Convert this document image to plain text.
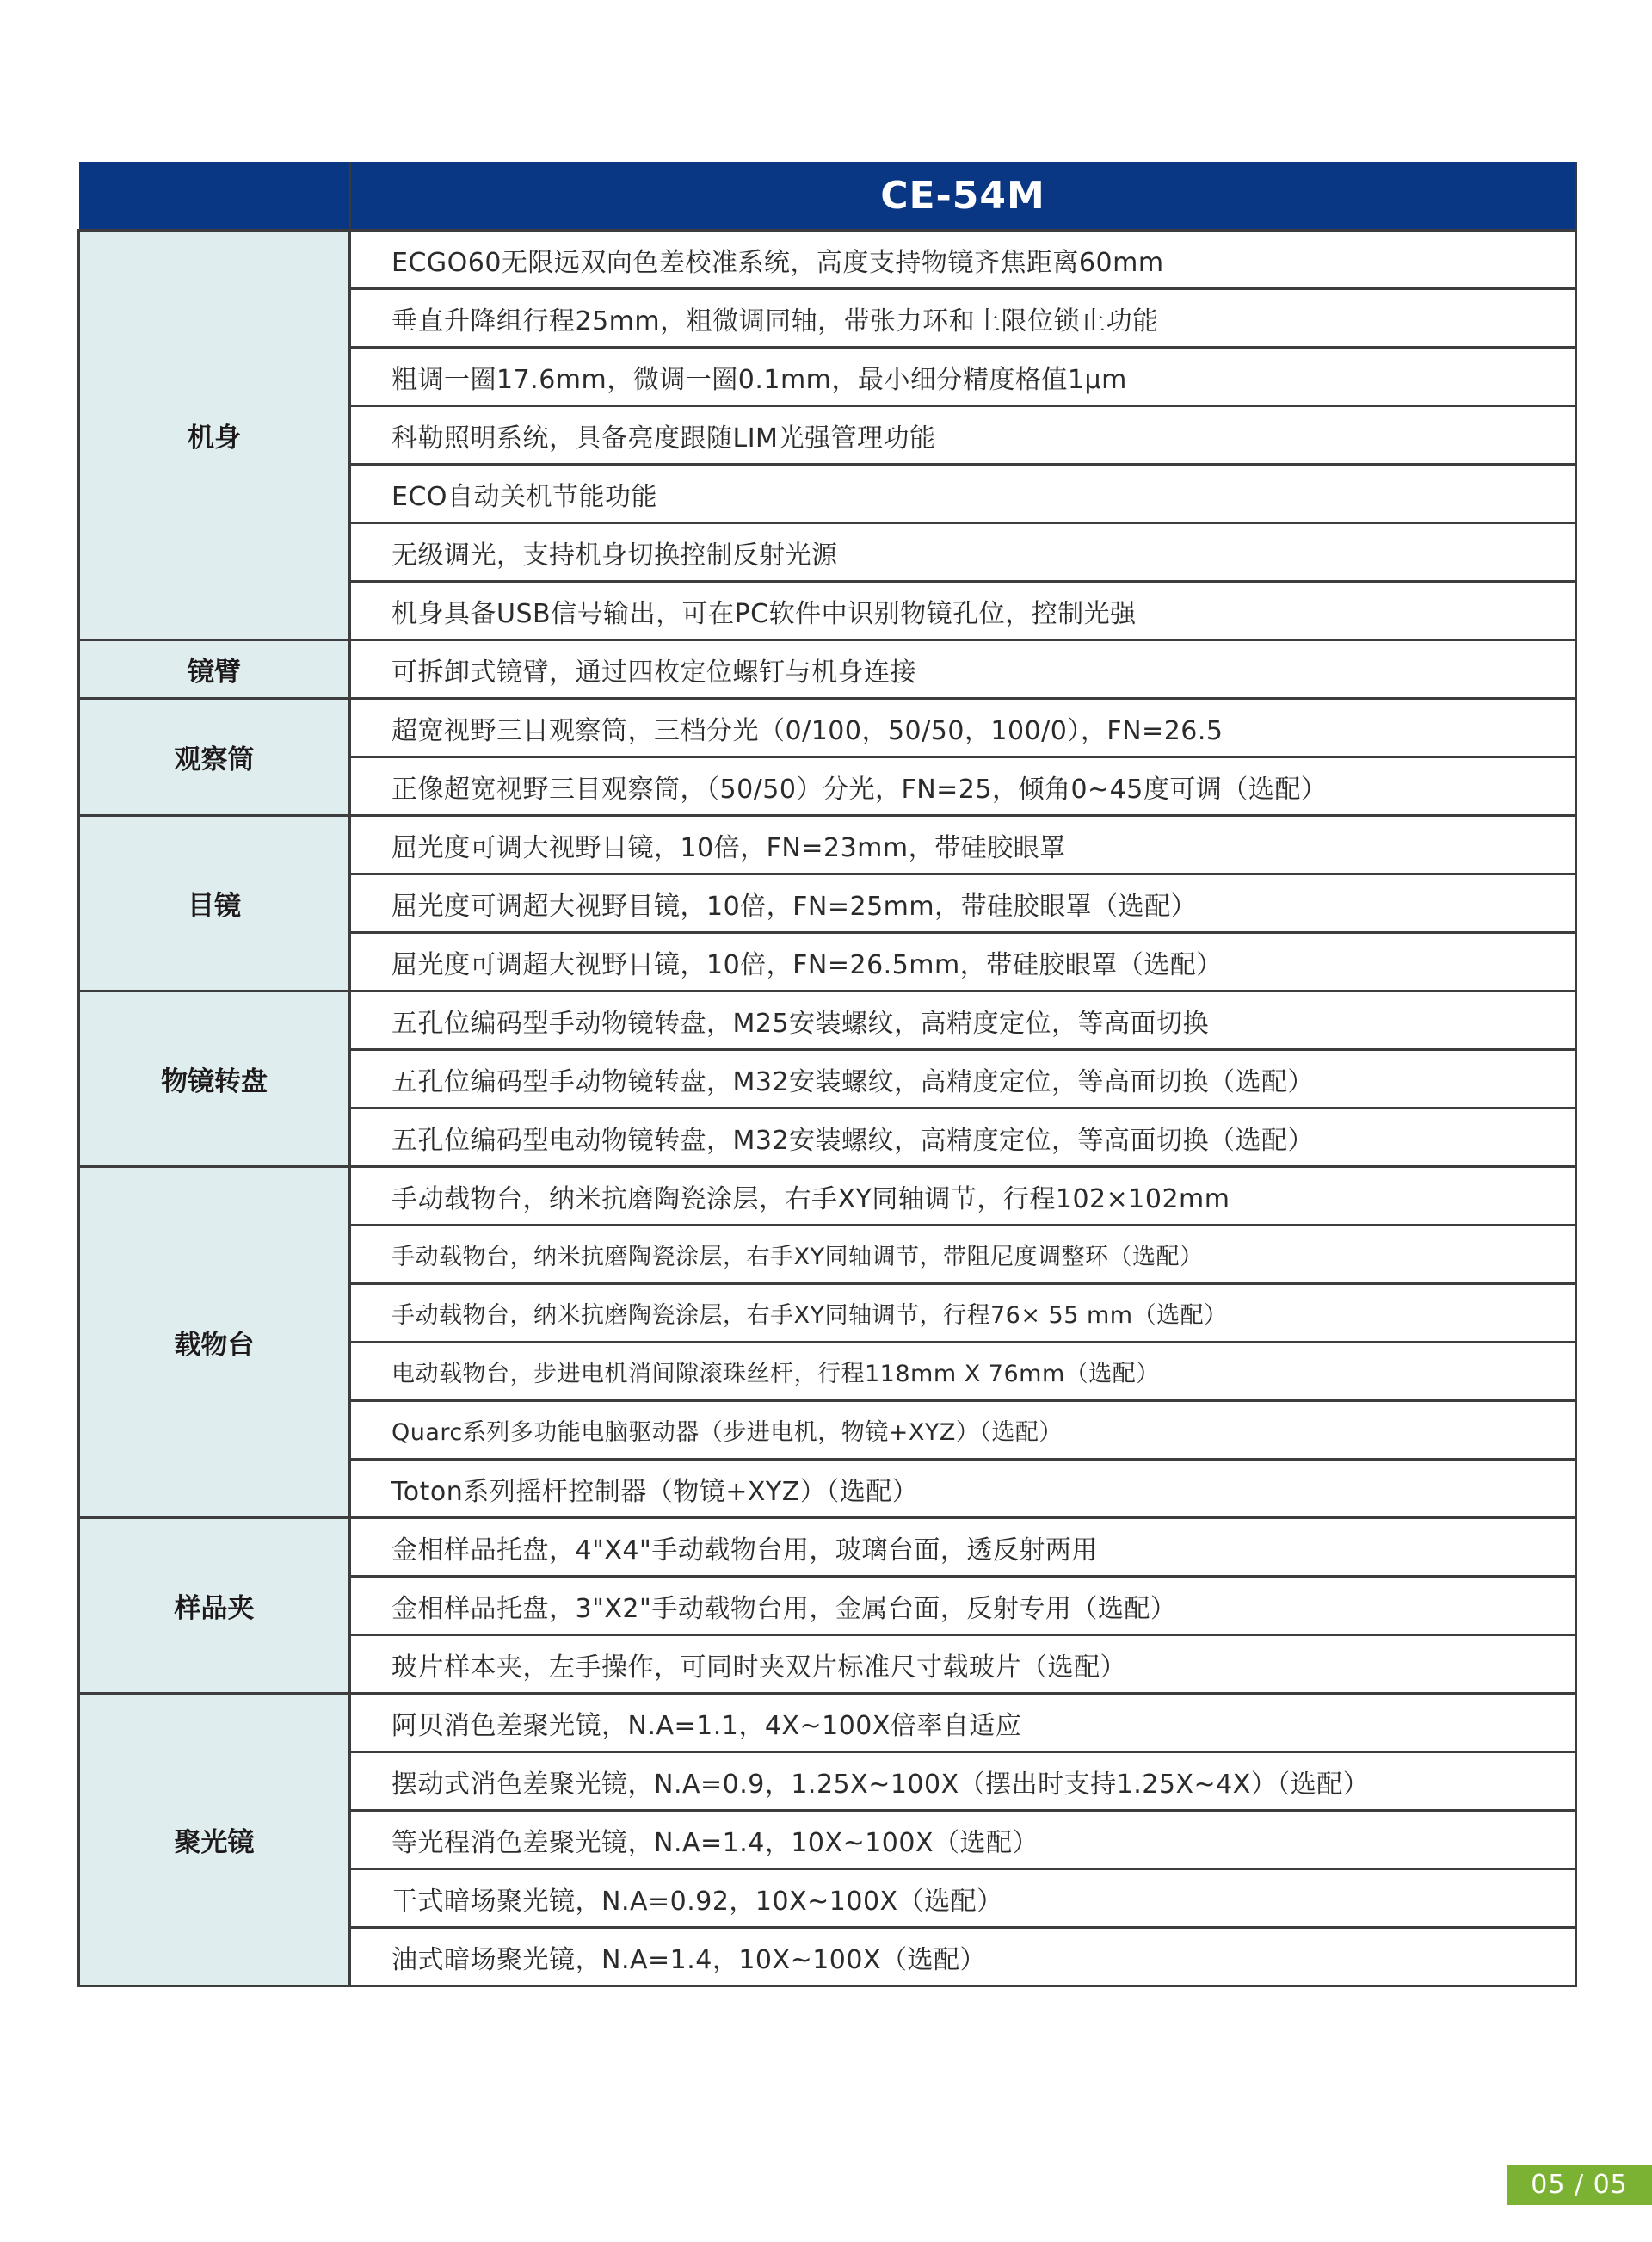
	CE-54M
机身	ECGO60无限远双向色差校准系统，高度支持物镜齐焦距离60mm
	垂直升降组行程25mm，粗微调同轴，带张力环和上限位锁止功能
	粗调一圈17.6mm，微调一圈0.1mm，最小细分精度格值1μm
	科勒照明系统，具备亮度跟随LIM光强管理功能
	ECO自动关机节能功能
	无级调光，支持机身切换控制反射光源
	机身具备USB信号输出，可在PC软件中识别物镜孔位，控制光强
镜臂	可拆卸式镜臂，通过四枚定位螺钉与机身连接
观察筒	超宽视野三目观察筒，三档分光（0/100，50/50，100/0），FN=26.5
	正像超宽视野三目观察筒，（50/50）分光，FN=25，倾角0~45度可调（选配）
目镜	屈光度可调大视野目镜，10倍，FN=23mm，带硅胶眼罩
	屈光度可调超大视野目镜，10倍，FN=25mm，带硅胶眼罩（选配）
	屈光度可调超大视野目镜，10倍，FN=26.5mm，带硅胶眼罩（选配）
物镜转盘	五孔位编码型手动物镜转盘，M25安装螺纹，高精度定位，等高面切换
	五孔位编码型手动物镜转盘，M32安装螺纹，高精度定位，等高面切换（选配）
	五孔位编码型电动物镜转盘，M32安装螺纹，高精度定位，等高面切换（选配）
载物台	手动载物台，纳米抗磨陶瓷涂层，右手XY同轴调节，行程102×102mm
	手动载物台，纳米抗磨陶瓷涂层，右手XY同轴调节，带阻尼度调整环（选配）
	手动载物台，纳米抗磨陶瓷涂层，右手XY同轴调节，行程76× 55 mm（选配）
	电动载物台，步进电机消间隙滚珠丝杆，行程118mm X 76mm（选配）
	Quarc系列多功能电脑驱动器（步进电机，物镜+XYZ）（选配）
	Toton系列摇杆控制器（物镜+XYZ）（选配）
样品夹	金相样品托盘，4"X4"手动载物台用，玻璃台面，透反射两用
	金相样品托盘，3"X2"手动载物台用，金属台面，反射专用（选配）
	玻片样本夹，左手操作，可同时夹双片标准尺寸载玻片（选配）
聚光镜	阿贝消色差聚光镜，N.A=1.1，4X~100X倍率自适应
	摆动式消色差聚光镜，N.A=0.9，1.25X~100X（摆出时支持1.25X~4X）（选配）
	等光程消色差聚光镜，N.A=1.4，10X~100X（选配）
	干式暗场聚光镜，N.A=0.92，10X~100X（选配）
	油式暗场聚光镜，N.A=1.4，10X~100X（选配）
05 / 05
